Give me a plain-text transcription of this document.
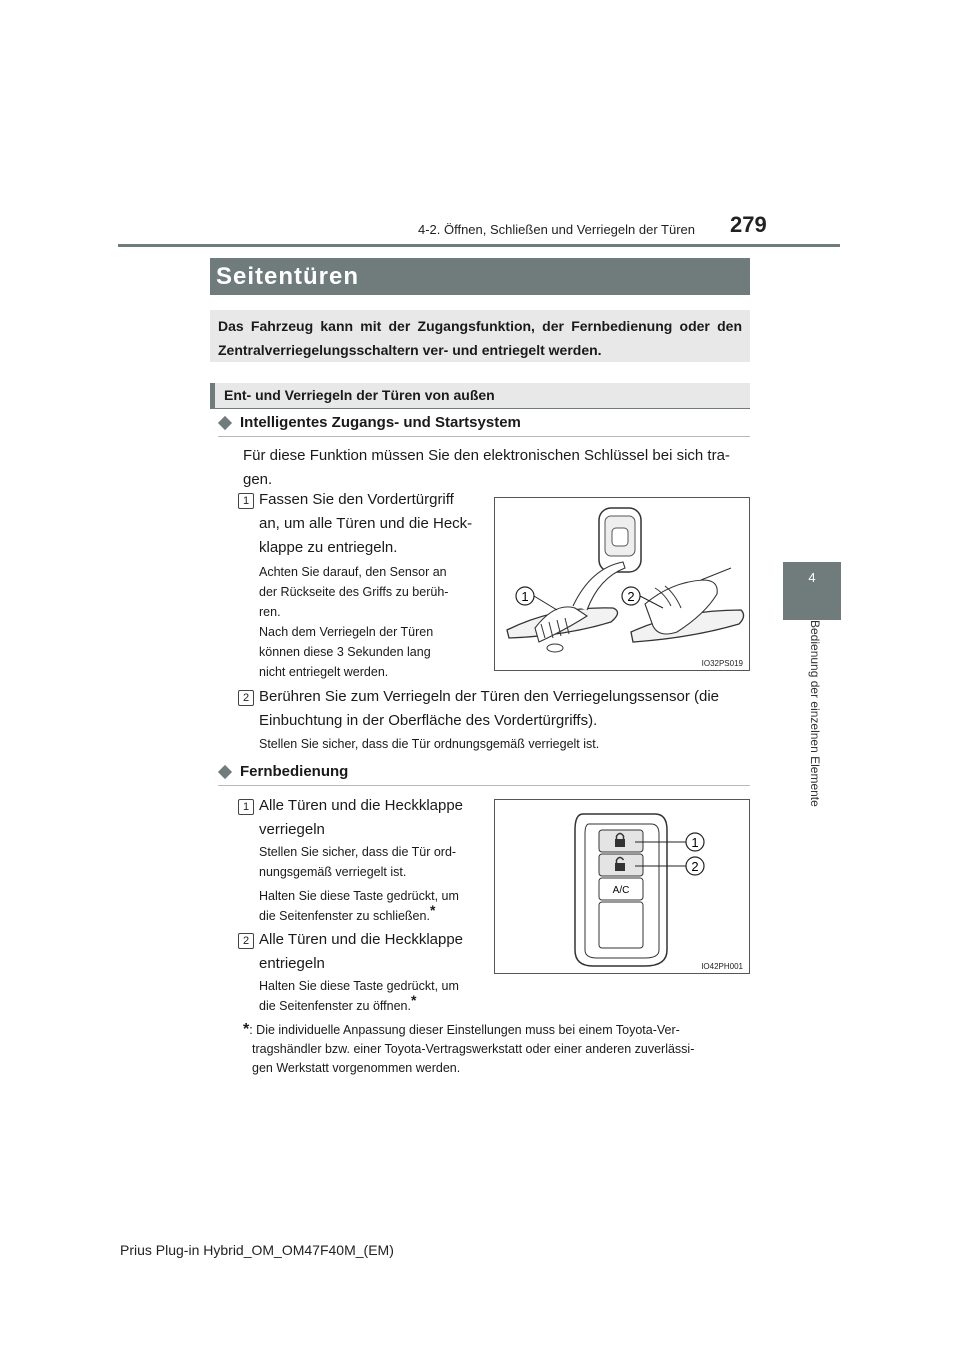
4-2. Öffnen, Schließen und Verriegeln der Türen 279
4
Bedienung der einzelnen Elemente
Seitentüren
Das Fahrzeug kann mit der Zugangsfunktion, der Fernbedienung oder den Zentralverriegelungsschaltern ver- und entriegelt werden.
Ent- und Verriegeln der Türen von außen
Intelligentes Zugangs- und Startsystem
Für diese Funktion müssen Sie den elektronischen Schlüssel bei sich tra-
gen.
1 Fassen Sie den Vordertürgriff
an, um alle Türen und die Heck-
klappe zu entriegeln.
Achten Sie darauf, den Sensor an
der Rückseite des Griffs zu berüh-
ren.
Nach dem Verriegeln der Türen
können diese 3 Sekunden lang
nicht entriegelt werden.
1	2
IO32PS019
2 Berühren Sie zum Verriegeln der Türen den Verriegelungssensor (die
Einbuchtung in der Oberfläche des Vordertürgriffs).
Stellen Sie sicher, dass die Tür ordnungsgemäß verriegelt ist.
Fernbedienung
1 Alle Türen und die Heckklappe
verriegeln
Stellen Sie sicher, dass die Tür ord-
nungsgemäß verriegelt ist.
Halten Sie diese Taste gedrückt, um
die Seitenfenster zu schließen.*
2 Alle Türen und die Heckklappe
entriegeln
Halten Sie diese Taste gedrückt, um
die Seitenfenster zu öffnen.*
A/C
1
2
IO42PH001
*: Die individuelle Anpassung dieser Einstellungen muss bei einem Toyota-Ver-
tragshändler bzw. einer Toyota-Vertragswerkstatt oder einer anderen zuverlässi-
gen Werkstatt vorgenommen werden.
Prius Plug-in Hybrid_OM_OM47F40M_(EM)
